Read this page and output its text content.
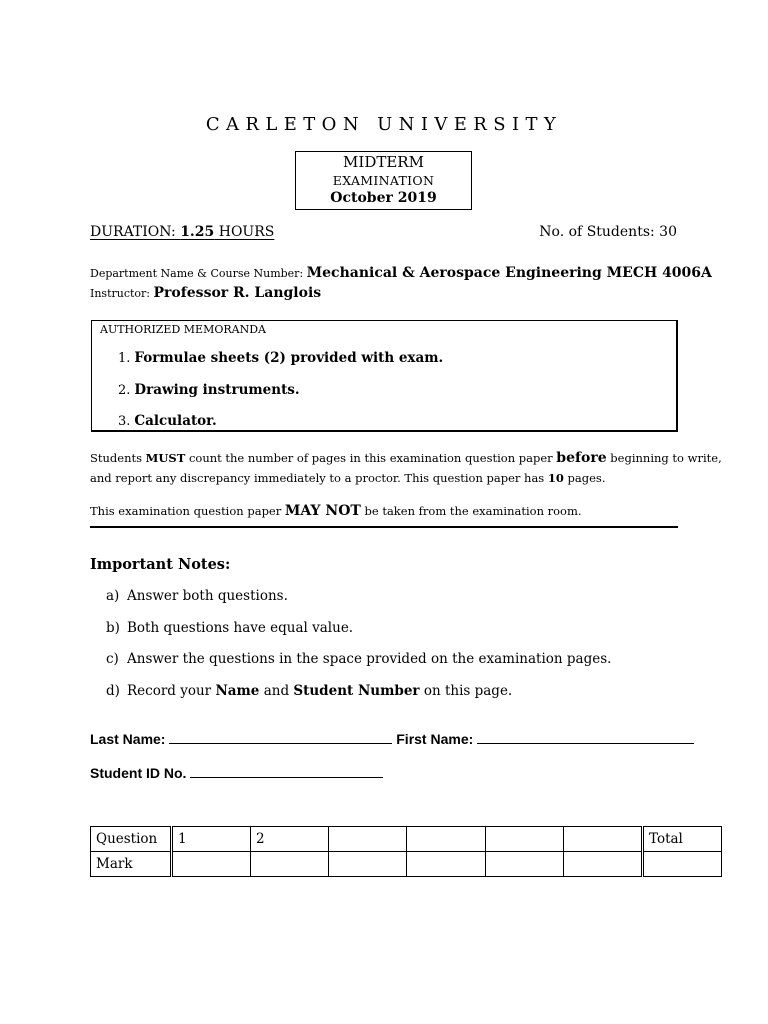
CARLETON UNIVERSITY
MIDTERM
EXAMINATION
October 2019
DURATION: 1.25 HOURS	No. of Students: 30
Department Name & Course Number: Mechanical & Aerospace Engineering MECH 4006A
Instructor: Professor R. Langlois
AUTHORIZED MEMORANDA
1. Formulae sheets (2) provided with exam.
2. Drawing instruments.
3. Calculator.
Students MUST count the number of pages in this examination question paper before beginning to write,
and report any discrepancy immediately to a proctor. This question paper has 10 pages.
This examination question paper MAY NOT be taken from the examination room.
Important Notes:
a) Answer both questions.
b) Both questions have equal value.
c) Answer the questions in the space provided on the examination pages.
d) Record your Name and Student Number on this page.
Last Name:	First Name:
Student ID No.
Question	1	2					Total
Mark							
